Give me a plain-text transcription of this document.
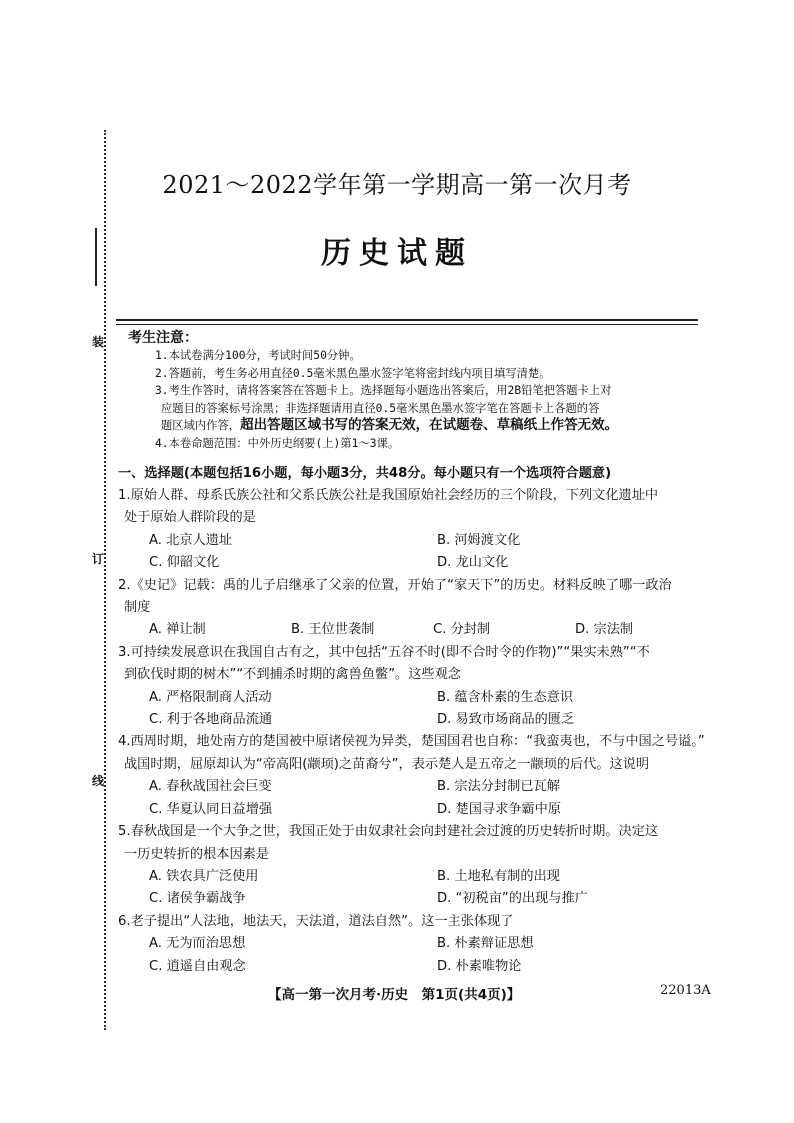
装
订
线
2021～2022学年第一学期高一第一次月考
历史试题
考生注意：
1.本试卷满分100分，考试时间50分钟。
2.答题前，考生务必用直径0.5毫米黑色墨水签字笔将密封线内项目填写清楚。
3.考生作答时，请将答案答在答题卡上。选择题每小题选出答案后，用2B铅笔把答题卡上对
应题目的答案标号涂黑；非选择题请用直径0.5毫米黑色墨水签字笔在答题卡上各题的答
题区域内作答，超出答题区域书写的答案无效，在试题卷、草稿纸上作答无效。
4.本卷命题范围：中外历史纲要(上)第1～3课。
一、选择题(本题包括16小题，每小题3分，共48分。每小题只有一个选项符合题意)
1.原始人群、母系氏族公社和父系氏族公社是我国原始社会经历的三个阶段，下列文化遗址中
处于原始人群阶段的是
A. 北京人遗址	B. 河姆渡文化
C. 仰韶文化	D. 龙山文化
2.《史记》记载：禹的儿子启继承了父亲的位置，开始了“家天下”的历史。材料反映了哪一政治
制度
A. 禅让制	B. 王位世袭制	C. 分封制	D. 宗法制
3.可持续发展意识在我国自古有之，其中包括“五谷不时(即不合时令的作物)”“果实未熟”“不
到砍伐时期的树木”“不到捕杀时期的禽兽鱼鳖”。这些观念
A. 严格限制商人活动	B. 蕴含朴素的生态意识
C. 利于各地商品流通	D. 易致市场商品的匮乏
4.西周时期，地处南方的楚国被中原诸侯视为异类，楚国国君也自称：“我蛮夷也，不与中国之号谥。”
战国时期，屈原却认为“帝高阳(颛顼)之苗裔兮”，表示楚人是五帝之一颛顼的后代。这说明
A. 春秋战国社会巨变	B. 宗法分封制已瓦解
C. 华夏认同日益增强	D. 楚国寻求争霸中原
5.春秋战国是一个大争之世，我国正处于由奴隶社会向封建社会过渡的历史转折时期。决定这
一历史转折的根本因素是
A. 铁农具广泛使用	B. 土地私有制的出现
C. 诸侯争霸战争	D. “初税亩”的出现与推广
6.老子提出“人法地，地法天，天法道，道法自然”。这一主张体现了
A. 无为而治思想	B. 朴素辩证思想
C. 逍遥自由观念	D. 朴素唯物论
【高一第一次月考·历史　第1页(共4页)】	22013A
